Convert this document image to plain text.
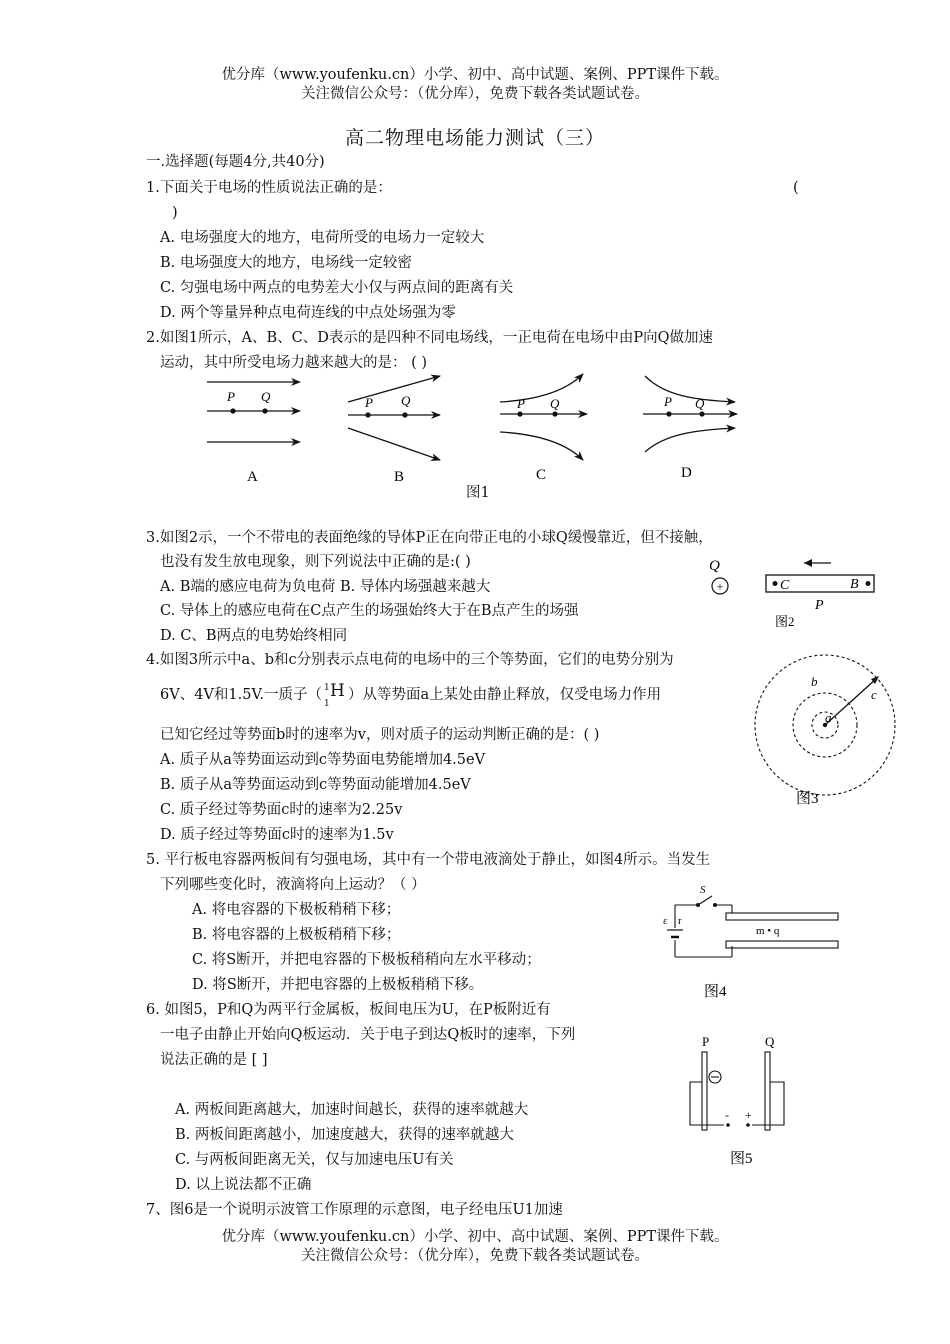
优分库（www.youfenku.cn）小学、初中、高中试题、案例、PPT课件下载。
关注微信公众号：（优分库），免费下载各类试题试卷。
高二物理电场能力测试（三）
一.选择题(每题4分,共40分)
1.下面关于电场的性质说法正确的是：	(
)
A. 电场强度大的地方，电荷所受的电场力一定较大
B. 电场强度大的地方，电场线一定较密
C. 匀强电场中两点的电势差大小仅与两点间的距离有关
D. 两个等量异种点电荷连线的中点处场强为零
2.如图1所示，A、B、C、D表示的是四种不同电场线，一正电荷在电场中由P向Q做加速
运动，其中所受电场力越来越大的是： ( )
P Q
A
P Q
B
P Q
C
P Q
D
图1
3.如图2示，一个不带电的表面绝缘的导体P正在向带正电的小球Q缓慢靠近，但不接触，
也没有发生放电现象，则下列说法中正确的是:( )
A. B端的感应电荷为负电荷 B. 导体内场强越来越大
C. 导体上的感应电荷在C点产生的场强始终大于在B点产生的场强
D. C、B两点的电势始终相同
Q
+	C	B
P
图2
4.如图3所示中a、b和c分别表示点电荷的电场中的三个等势面，它们的电势分别为
6V、4V和1.5V.一质子（ 1
1
H ）从等势面a上某处由静止释放，仅受电场力作用
已知它经过等势面b时的速率为v，则对质子的运动判断正确的是：( )
A. 质子从a等势面运动到c等势面电势能增加4.5eV
B. 质子从a等势面运动到c等势面动能增加4.5eV
C. 质子经过等势面c时的速率为2.25v
D. 质子经过等势面c时的速率为1.5v
a
b
c
图3
5. 平行板电容器两板间有匀强电场，其中有一个带电液滴处于静止，如图4所示。当发生
下列哪些变化时，液滴将向上运动？（ ）
A. 将电容器的下极板稍稍下移；
B. 将电容器的上极板稍稍下移；
C. 将S断开，并把电容器的下极板稍稍向左水平移动；
D. 将S断开，并把电容器的上极板稍稍下移。
S
ε r
m • q
图4
6. 如图5，P和Q为两平行金属板，板间电压为U，在P板附近有
一电子由静止开始向Q板运动．关于电子到达Q板时的速率，下列
说法正确的是 [ ]
A. 两板间距离越大，加速时间越长，获得的速率就越大
B. 两板间距离越小，加速度越大，获得的速率就越大
C. 与两板间距离无关，仅与加速电压U有关
D. 以上说法都不正确
P	Q
- +
图5
7、图6是一个说明示波管工作原理的示意图，电子经电压U1加速
优分库（www.youfenku.cn）小学、初中、高中试题、案例、PPT课件下载。
关注微信公众号：（优分库），免费下载各类试题试卷。
